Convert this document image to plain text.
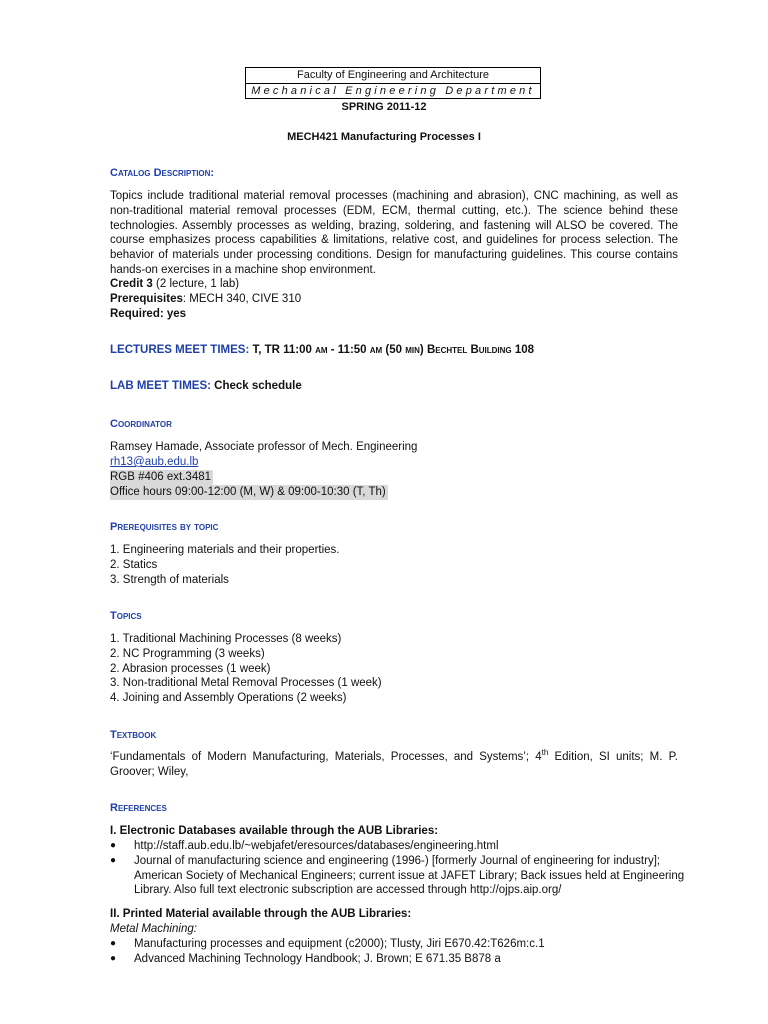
Faculty of Engineering and Architecture
Mechanical Engineering Department
SPRING 2011-12
MECH421 Manufacturing Processes I
Catalog Description:
Topics include traditional material removal processes (machining and abrasion), CNC machining, as well as non-traditional material removal processes (EDM, ECM, thermal cutting, etc.). The science behind these technologies. Assembly processes as welding, brazing, soldering, and fastening will ALSO be covered. The course emphasizes process capabilities & limitations, relative cost, and guidelines for process selection. The behavior of materials under processing conditions. Design for manufacturing guidelines. This course contains hands-on exercises in a machine shop environment.
Credit 3 (2 lecture, 1 lab)
Prerequisites: MECH 340, CIVE 310
Required: yes
LECTURES MEET TIMES: T, TR 11:00 am - 11:50 am (50 min) Bechtel Building 108
LAB MEET TIMES: Check schedule
Coordinator
Ramsey Hamade, Associate professor of Mech. Engineering
rh13@aub.edu.lb
RGB #406 ext.3481
Office hours 09:00-12:00 (M, W) & 09:00-10:30 (T, Th)
Prerequisites by topic
1. Engineering materials and their properties.
2. Statics
3. Strength of materials
Topics
1. Traditional Machining Processes (8 weeks)
2. NC Programming (3 weeks)
2. Abrasion processes (1 week)
3. Non-traditional Metal Removal Processes (1 week)
4. Joining and Assembly Operations (2 weeks)
Textbook
‘Fundamentals of Modern Manufacturing, Materials, Processes, and Systems’; 4th Edition, SI units; M. P. Groover; Wiley,
References
I. Electronic Databases available through the AUB Libraries:
● http://staff.aub.edu.lb/~webjafet/eresources/databases/engineering.html
● Journal of manufacturing science and engineering (1996-) [formerly Journal of engineering for industry]; American Society of Mechanical Engineers; current issue at JAFET Library; Back issues held at Engineering Library. Also full text electronic subscription are accessed through http://ojps.aip.org/
II. Printed Material available through the AUB Libraries:
Metal Machining:
● Manufacturing processes and equipment (c2000); Tlusty, Jiri E670.42:T626m:c.1
● Advanced Machining Technology Handbook; J. Brown; E 671.35 B878 a
